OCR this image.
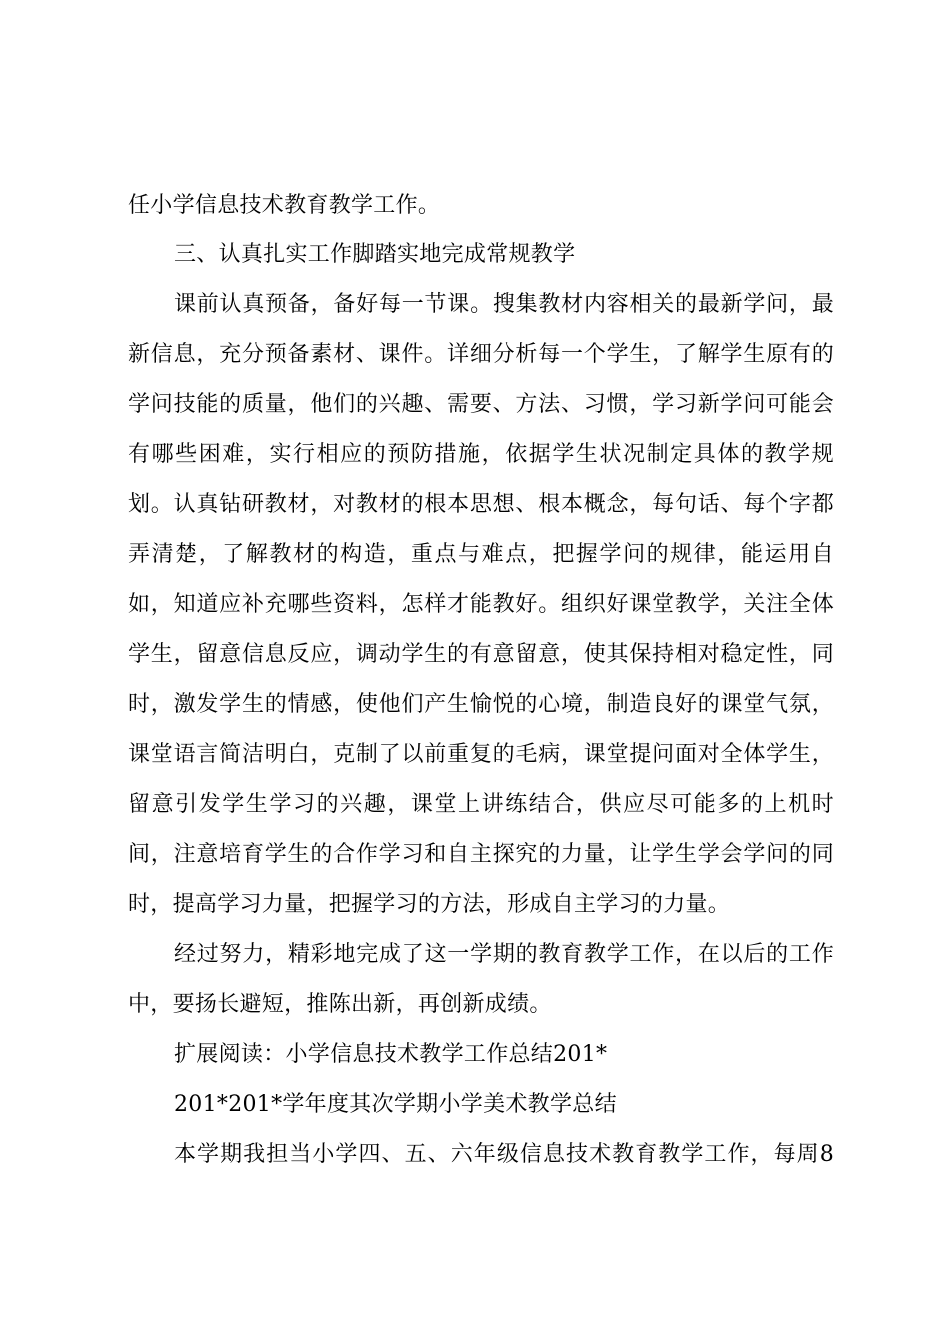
任小学信息技术教育教学工作。
三、认真扎实工作脚踏实地完成常规教学
课前认真预备，备好每一节课。搜集教材内容相关的最新学问，最
新信息，充分预备素材、课件。详细分析每一个学生，了解学生原有的
学问技能的质量，他们的兴趣、需要、方法、习惯，学习新学问可能会
有哪些困难，实行相应的预防措施，依据学生状况制定具体的教学规
划。认真钻研教材，对教材的根本思想、根本概念，每句话、每个字都
弄清楚，了解教材的构造，重点与难点，把握学问的规律，能运用自
如，知道应补充哪些资料，怎样才能教好。组织好课堂教学，关注全体
学生，留意信息反应，调动学生的有意留意，使其保持相对稳定性，同
时，激发学生的情感，使他们产生愉悦的心境，制造良好的课堂气氛，
课堂语言简洁明白，克制了以前重复的毛病，课堂提问面对全体学生，
留意引发学生学习的兴趣，课堂上讲练结合，供应尽可能多的上机时
间，注意培育学生的合作学习和自主探究的力量，让学生学会学问的同
时，提高学习力量，把握学习的方法，形成自主学习的力量。
经过努力，精彩地完成了这一学期的教育教学工作，在以后的工作
中，要扬长避短，推陈出新，再创新成绩。
扩展阅读：小学信息技术教学工作总结201*
201*201*学年度其次学期小学美术教学总结
本学期我担当小学四、五、六年级信息技术教育教学工作，每周8
